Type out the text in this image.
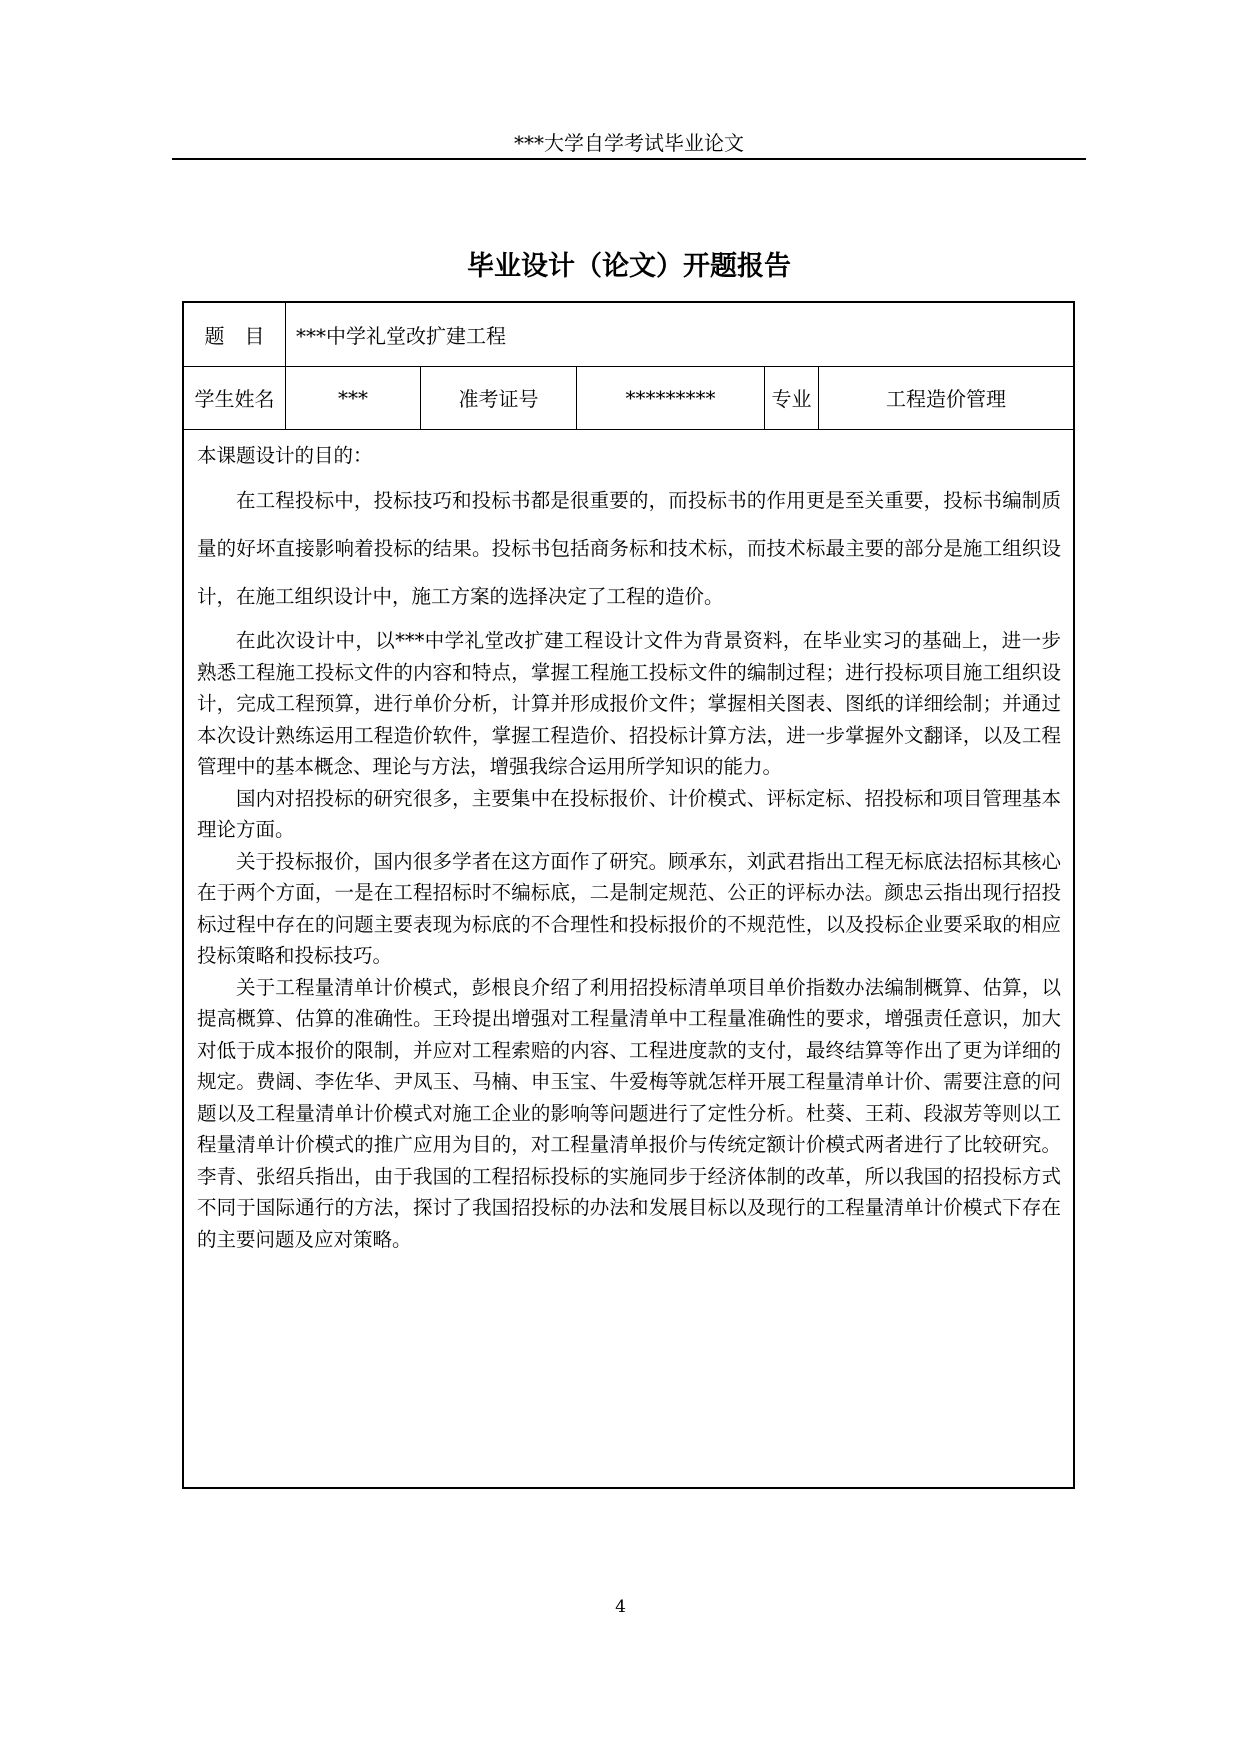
***大学自学考试毕业论文
毕业设计（论文）开题报告
题　目	***中学礼堂改扩建工程
学生姓名	***	准考证号	*********	专业	工程造价管理

本课题设计的目的：

在工程投标中，投标技巧和投标书都是很重要的，而投标书的作用更是至关重要，投标书编制质量的好坏直接影响着投标的结果。投标书包括商务标和技术标，而技术标最主要的部分是施工组织设计，在施工组织设计中，施工方案的选择决定了工程的造价。

在此次设计中，以***中学礼堂改扩建工程设计文件为背景资料，在毕业实习的基础上，进一步熟悉工程施工投标文件的内容和特点，掌握工程施工投标文件的编制过程；进行投标项目施工组织设计，完成工程预算，进行单价分析，计算并形成报价文件；掌握相关图表、图纸的详细绘制；并通过本次设计熟练运用工程造价软件，掌握工程造价、招投标计算方法，进一步掌握外文翻译，以及工程管理中的基本概念、理论与方法，增强我综合运用所学知识的能力。

国内对招投标的研究很多，主要集中在投标报价、计价模式、评标定标、招投标和项目管理基本理论方面。

关于投标报价，国内很多学者在这方面作了研究。顾承东，刘武君指出工程无标底法招标其核心在于两个方面，一是在工程招标时不编标底，二是制定规范、公正的评标办法。颜忠云指出现行招投标过程中存在的问题主要表现为标底的不合理性和投标报价的不规范性，以及投标企业要采取的相应投标策略和投标技巧。

关于工程量清单计价模式，彭根良介绍了利用招投标清单项目单价指数办法编制概算、估算，以提高概算、估算的准确性。王玲提出增强对工程量清单中工程量准确性的要求，增强责任意识，加大对低于成本报价的限制，并应对工程索赔的内容、工程进度款的支付，最终结算等作出了更为详细的规定。费阔、李佐华、尹凤玉、马楠、申玉宝、牛爱梅等就怎样开展工程量清单计价、需要注意的问题以及工程量清单计价模式对施工企业的影响等问题进行了定性分析。杜葵、王莉、段淑芳等则以工程量清单计价模式的推广应用为目的，对工程量清单报价与传统定额计价模式两者进行了比较研究。李青、张绍兵指出，由于我国的工程招标投标的实施同步于经济体制的改革，所以我国的招投标方式不同于国际通行的方法，探讨了我国招投标的办法和发展目标以及现行的工程量清单计价模式下存在的主要问题及应对策略。

4
